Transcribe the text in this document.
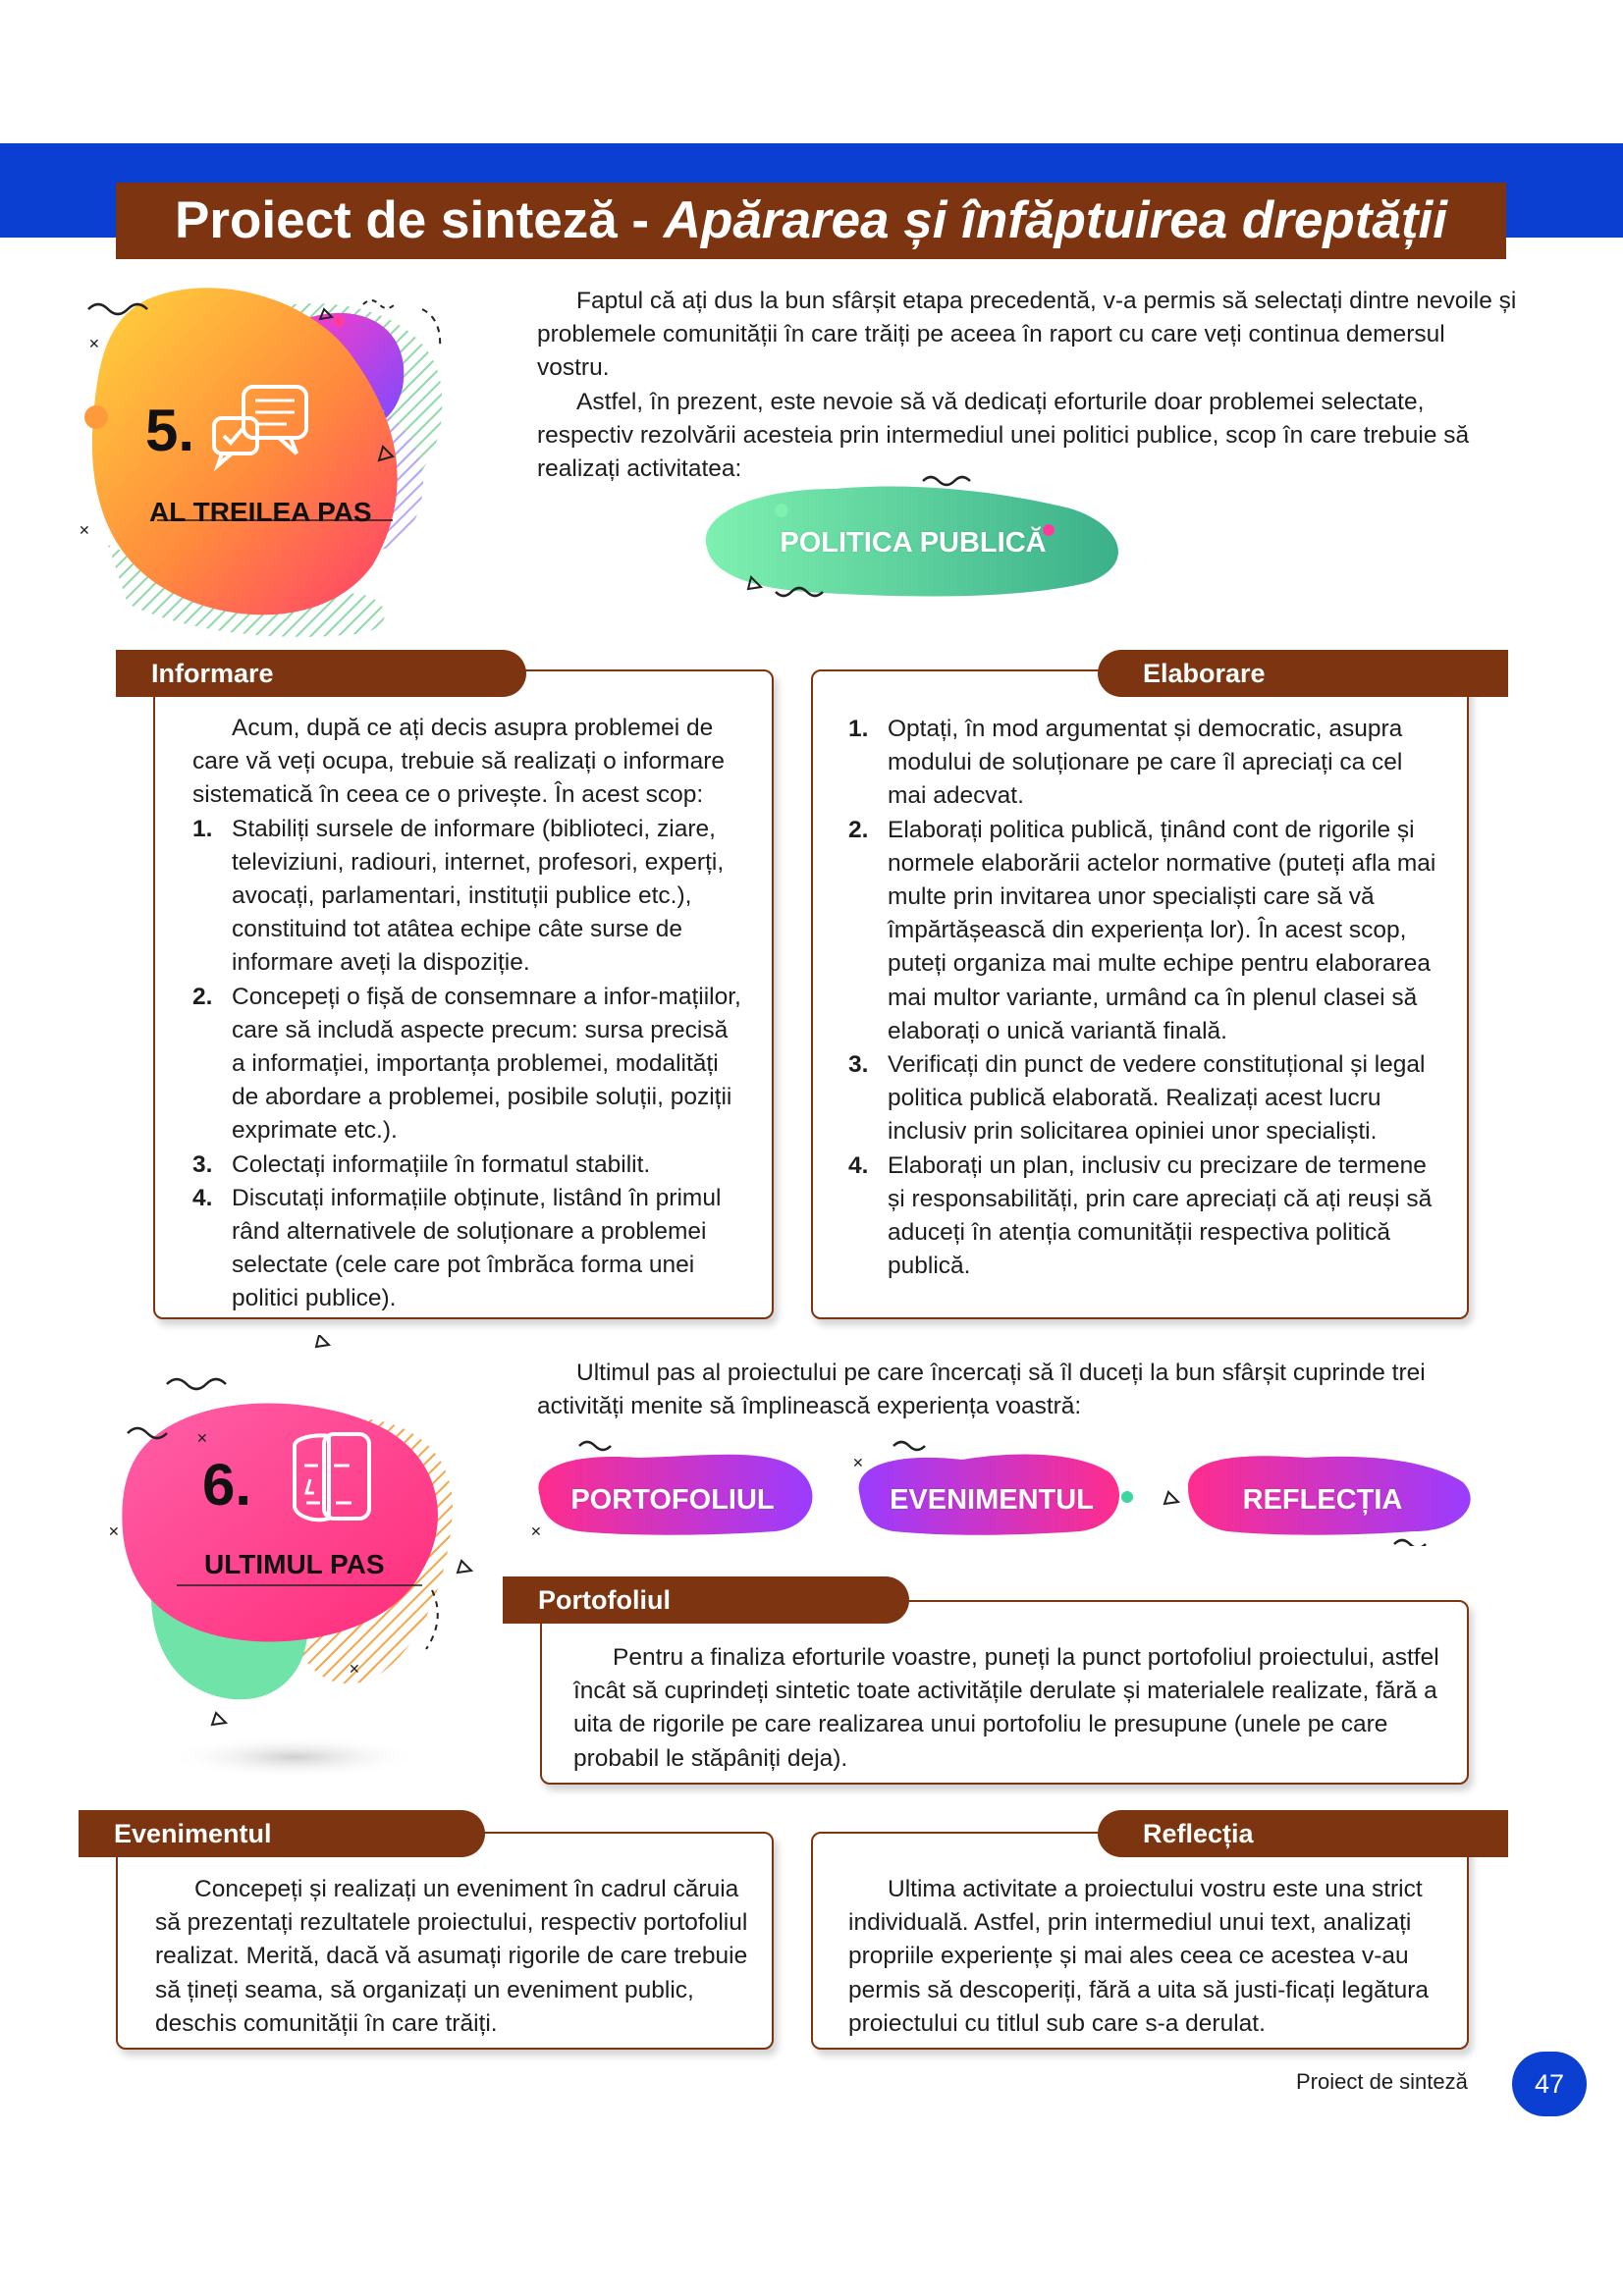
Proiect de sinteză - Apărarea și înfăptuirea dreptății
✕
✕
5.
AL TREILEA PAS

Faptul că ați dus la bun sfârșit etapa precedentă, v-a permis să selectați dintre nevoile și problemele comunității în care trăiți pe aceea în raport cu care veți continua demersul vostru.

Astfel, în prezent, este nevoie să vă dedicați eforturile doar problemei selectate, respectiv rezolvării acesteia prin intermediul unei politici publice, scop în care trebuie să realizați activitatea:

POLITICA PUBLICĂ
Informare

Acum, după ce ați decis asupra problemei de care vă veți ocupa, trebuie să realizați o informare sistematică în ceea ce o privește. În acest scop:

1. Stabiliți sursele de informare (biblioteci, ziare, televiziuni, radiouri, internet, profesori, experți, avocați, parlamentari, instituții publice etc.), constituind tot atâtea echipe câte surse de informare aveți la dispoziție.
2. Concepeți o fișă de consemnare a infor-mațiilor, care să includă aspecte precum: sursa precisă a informației, importanța problemei, modalități de abordare a problemei, posibile soluții, poziții exprimate etc.).
3. Colectați informațiile în formatul stabilit.
4. Discutați informațiile obținute, listând în primul rând alternativele de soluționare a problemei selectate (cele care pot îmbrăca forma unei politici publice).
Elaborare
1. Optați, în mod argumentat și democratic, asupra modului de soluționare pe care îl apreciați ca cel mai adecvat.
2. Elaborați politica publică, ținând cont de rigorile și normele elaborării actelor normative (puteți afla mai multe prin invitarea unor specialiști care să vă împărtășească din experiența lor). În acest scop, puteți organiza mai multe echipe pentru elaborarea mai multor variante, urmând ca în plenul clasei să elaborați o unică variantă finală.
3. Verificați din punct de vedere constituțional și legal politica publică elaborată. Realizați acest lucru inclusiv prin solicitarea opiniei unor specialiști.
4. Elaborați un plan, inclusiv cu precizare de termene și responsabilități, prin care apreciați că ați reuși să aduceți în atenția comunității respectiva politică publică.
✕
✕
✕
6.
ULTIMUL PAS

Ultimul pas al proiectului pe care încercați să îl duceți la bun sfârșit cuprinde trei activități menite să împlinească experiența voastră:

✕
✕
PORTOFOLIUL	EVENIMENTUL	REFLECȚIA
Portofoliul

Pentru a finaliza eforturile voastre, puneți la punct portofoliul proiectului, astfel încât să cuprindeți sintetic toate activitățile derulate și materialele realizate, fără a uita de rigorile pe care realizarea unui portofoliu le presupune (unele pe care probabil le stăpâniți deja).

Evenimentul

Concepeți și realizați un eveniment în cadrul căruia să prezentați rezultatele proiectului, respectiv portofoliul realizat. Merită, dacă vă asumați rigorile de care trebuie să țineți seama, să organizați un eveniment public, deschis comunității în care trăiți.

Reflecția

Ultima activitate a proiectului vostru este una strict individuală. Astfel, prin intermediul unui text, analizați propriile experiențe și mai ales ceea ce acestea v-au permis să descoperiți, fără a uita să justi-ficați legătura proiectului cu titlul sub care s-a derulat.

Proiect de sinteză	47
